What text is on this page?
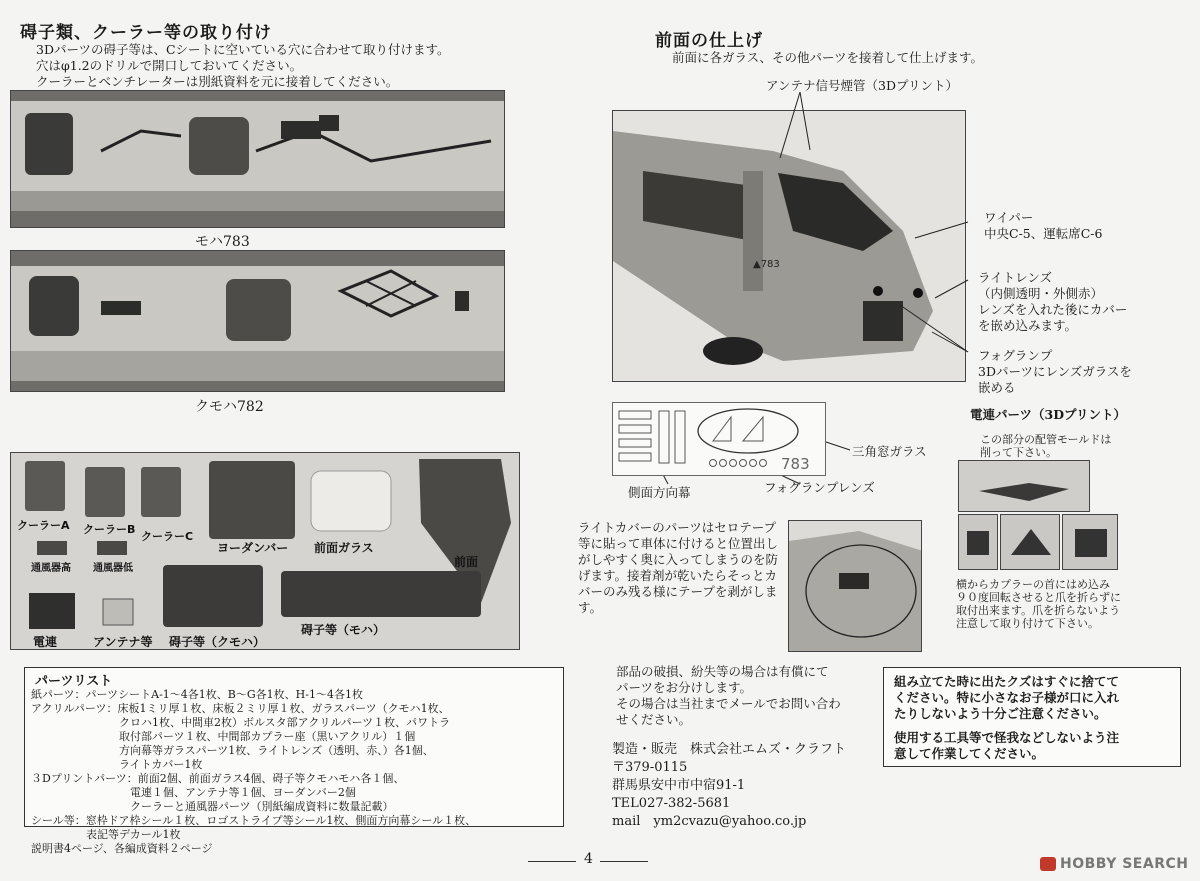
碍子類、クーラー等の取り付け
3Dパーツの碍子等は、Cシートに空いている穴に合わせて取り付けます。
穴はφ1.2のドリルで開口しておいてください。
クーラーとベンチレーターは別紙資料を元に接着してください。
モハ783
クモハ782
クーラーA クーラーB
クーラーC
ヨーダンバー 前面ガラス
前面
通風器高 通風器低
電連	アンテナ等 碍子等（クモハ）
碍子等（モハ）
パーツリスト
紙パーツ：パーツシートA-1〜4各1枚、B〜G各1枚、H-1〜4各1枚
アクリルパーツ：床板1ミリ厚１枚、床板２ミリ厚１枚、ガラスパーツ（クモハ1枚、
　　　　　　　　クロハ1枚、中間車2枚）ボルスタ部アクリルパーツ１枚、パワトラ
　　　　　　　　取付部パーツ１枚、中間部カプラー座（黒いアクリル）１個
　　　　　　　　方向幕等ガラスパーツ1枚、ライトレンズ（透明、赤、）各1個、
　　　　　　　　ライトカバー1枚
３Dプリントパーツ：前面2個、前面ガラス4個、碍子等クモハモハ各１個、
　　　　　　　　　電連１個、アンテナ等１個、ヨーダンバー2個
　　　　　　　　　クーラーと通風器パーツ（別紙編成資料に数量記載）
シール等：窓枠ドア枠シール１枚、ロゴストライプ等シール1枚、側面方向幕シール１枚、
　　　　　表記等デカール1枚
説明書4ページ、各編成資料２ページ
前面の仕上げ
前面に各ガラス、その他パーツを接着して仕上げます。
アンテナ信号煙管（3Dプリント）
▲783
ワイパー
中央C-5、運転席C-6
ライトレンズ
（内側透明・外側赤）
レンズを入れた後にカバー
を嵌め込みます。
フォグランプ
3Dパーツにレンズガラスを
嵌める
783
三角窓ガラス
側面方向幕	フォグランプレンズ
電連パーツ（3Dプリント）
この部分の配管モールドは
削って下さい。
横からカプラーの首にはめ込み
９０度回転させると爪を折らずに
取付出来ます。爪を折らないよう
注意して取り付けて下さい。
ライトカバーのパーツはセロテープ
等に貼って車体に付けると位置出し
がしやすく奥に入ってしまうのを防
げます。接着剤が乾いたらそっとカ
バーのみ残る様にテープを剥がしま
す。
部品の破損、紛失等の場合は有償にて
パーツをお分けします。
その場合は当社までメールでお問い合わ
せください。
製造・販売　株式会社エムズ・クラフト
〒379-0115
群馬県安中市中宿91-1
TEL027-382-5681
mail　ym2cvazu@yahoo.co.jp
組み立てた時に出たクズはすぐに捨てて
ください。特に小さなお子様が口に入れ
たりしないよう十分ご注意ください。
使用する工具等で怪我などしないよう注
意して作業してください。
4	HOBBY SEARCH
